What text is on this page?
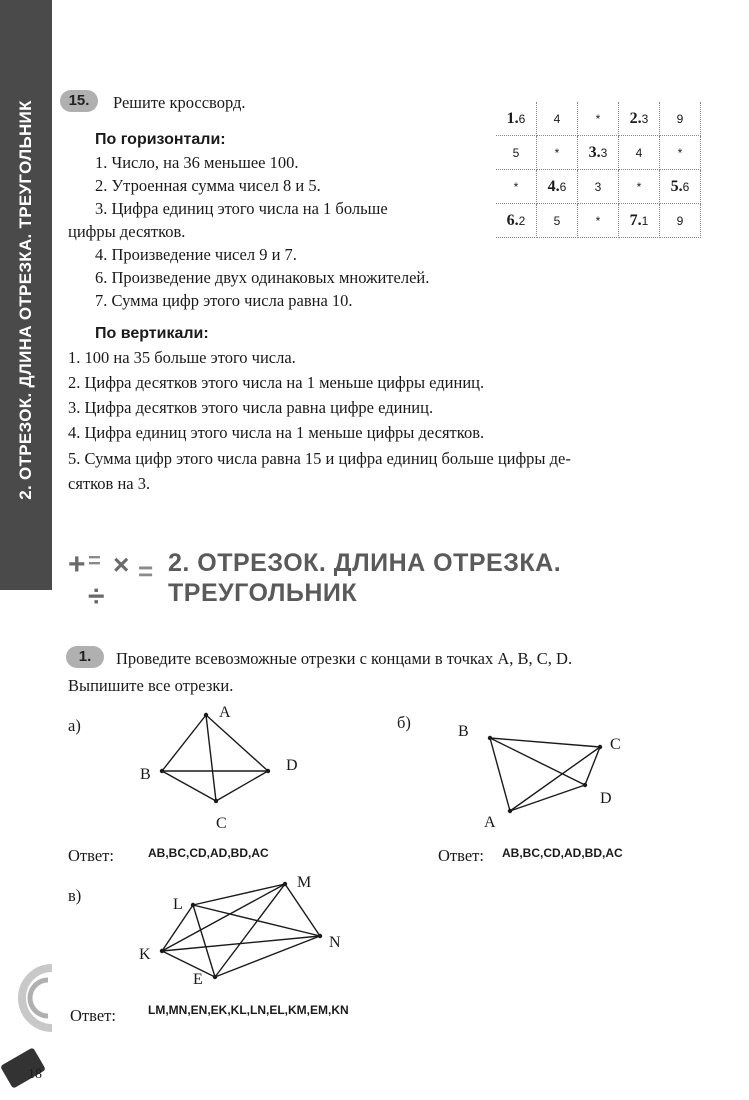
2. ОТРЕЗОК. ДЛИНА ОТРЕЗКА. ТРЕУГОЛЬНИК	15.	Решите кроссворд.
По горизонтали:
1. Число, на 36 меньшее 100.
2. Утроенная сумма чисел 8 и 5.
3. Цифра единиц этого числа на 1 больше
цифры десятков.
4. Произведение чисел 9 и 7.
6. Произведение двух одинаковых множителей.
7. Сумма цифр этого числа равна 10.
По вертикали:
1. 100 на 35 больше этого числа.
2. Цифра десятков этого числа на 1 меньше цифры единиц.
3. Цифра десятков этого числа равна цифре единиц.
4. Цифра единиц этого числа на 1 меньше цифры десятков.
5. Сумма цифр этого числа равна 15 и цифра единиц больше цифры де-
сятков на 3.
1.6	4	*	2.3	9
5	*	3.3	4	*
*	4.6	3	*	5.6
6.2	5	*	7.1	9
+ = × =
÷
2. ОТРЕЗОК. ДЛИНА ОТРЕЗКА.
ТРЕУГОЛЬНИК
1.	Проведите всевозможные отрезки с концами в точках A, B, C, D.
Выпишите все отрезки.
а)	б)
в)
A
B
D
C
Ответ:	AB,BC,CD,AD,BD,AC
B
C
D
A
Ответ: AB,BC,CD,AD,BD,AC
L
M
N
K
E
Ответ:	LM,MN,EN,EK,KL,LN,EL,KM,EM,KN
18
